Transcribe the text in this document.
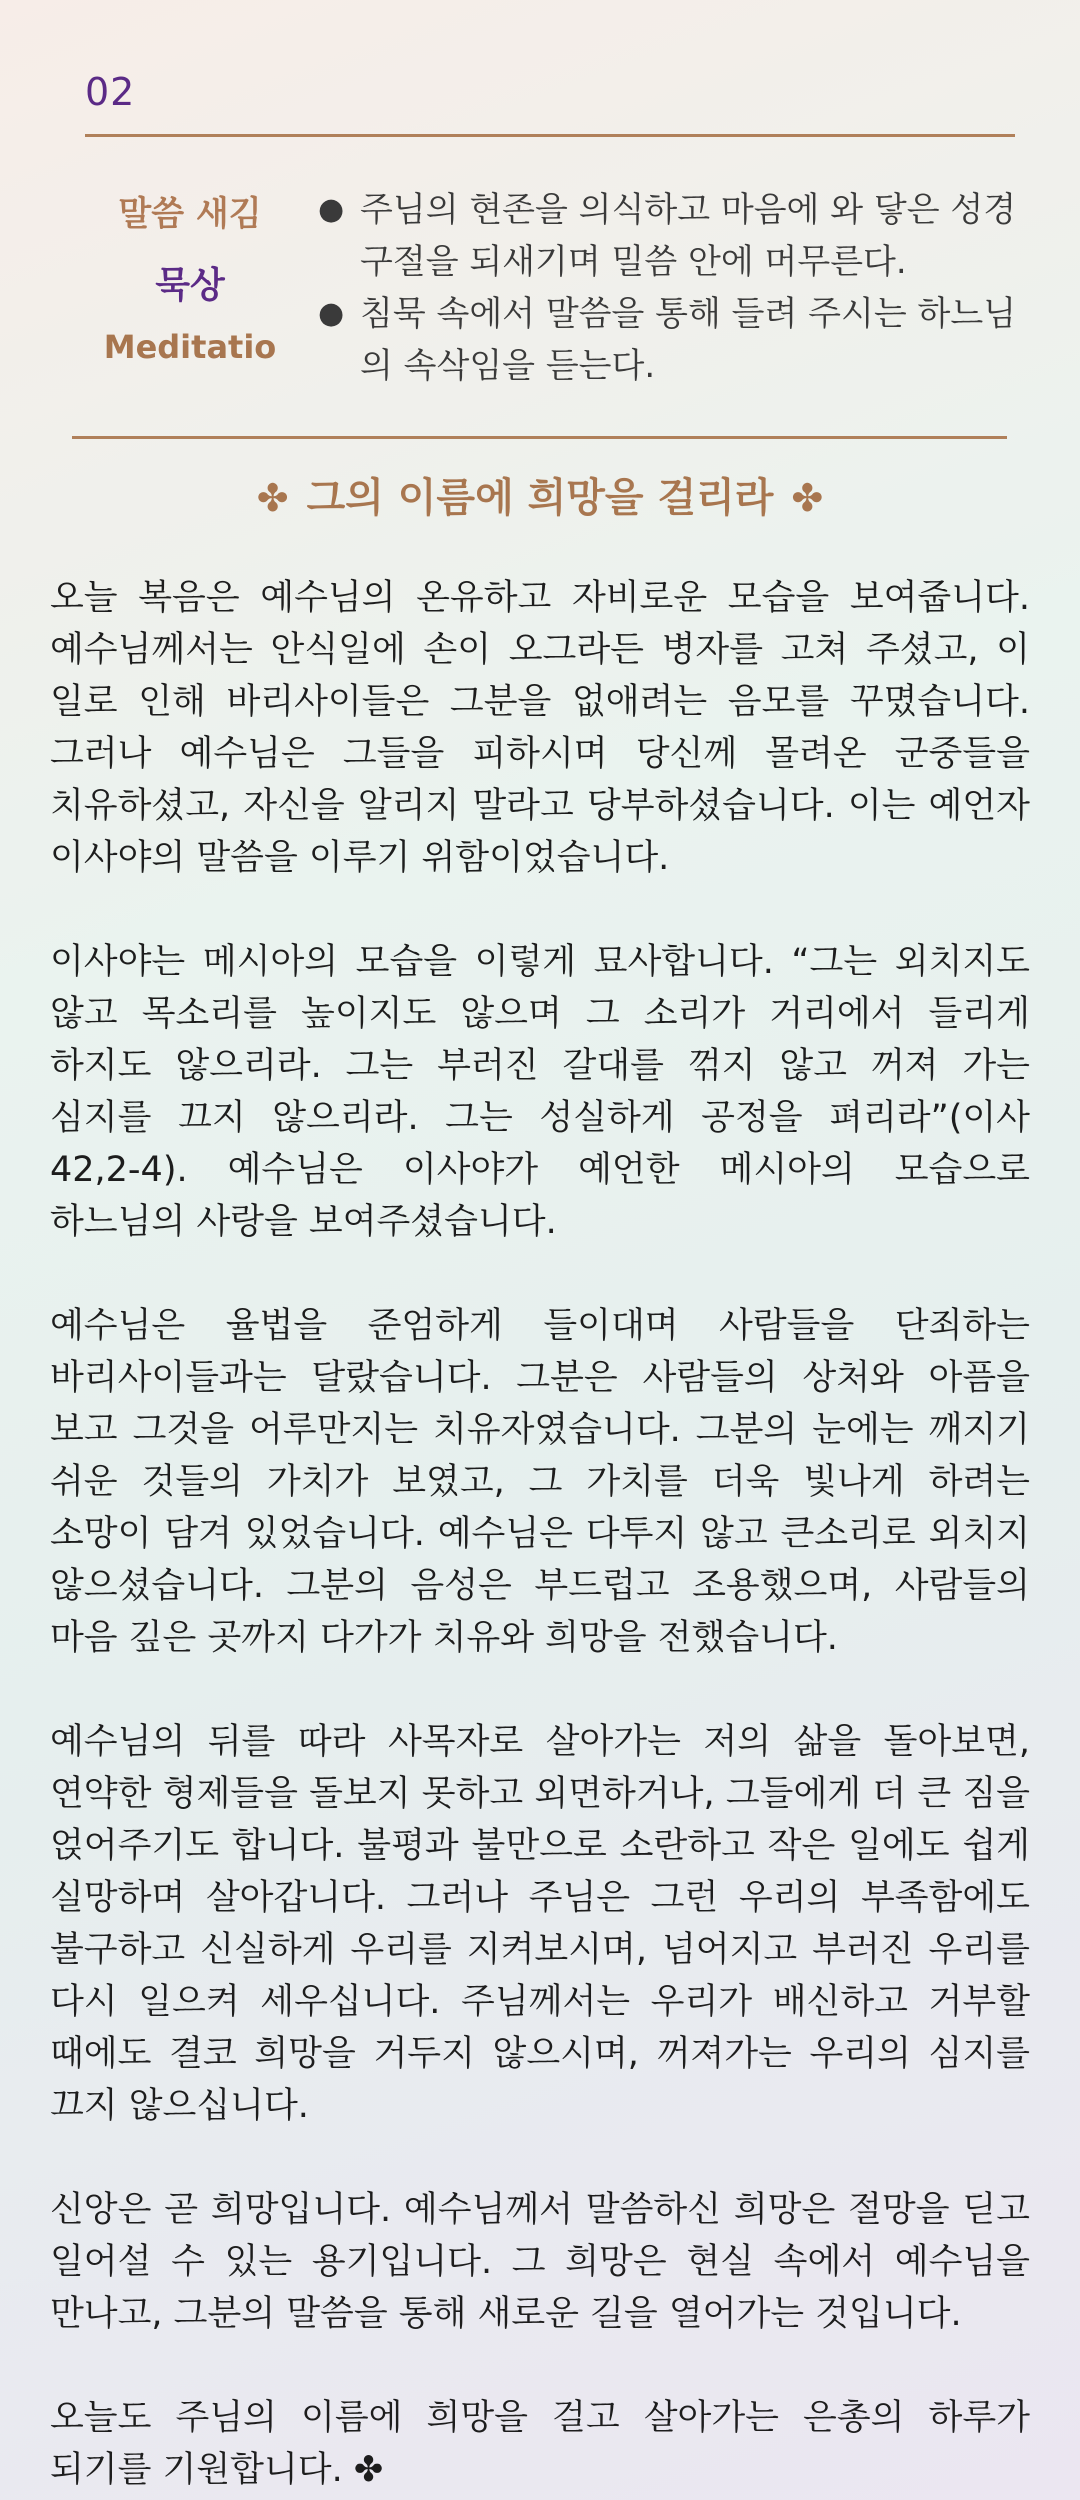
02
말씀 새김
묵상
Meditatio
● 주님의 현존을 의식하고 마음에 와 닿은 성경구절을 되새기며 밀씀 안에 머무른다.
● 침묵 속에서 말씀을 통해 들려 주시는 하느님의 속삭임을 듣는다.
✤ 그의 이름에 희망을 걸리라 ✤

오늘 복음은 예수님의 온유하고 자비로운 모습을 보여줍니다. 예수님께서는 안식일에 손이 오그라든 병자를 고쳐 주셨고, 이 일로 인해 바리사이들은 그분을 없애려는 음모를 꾸몄습니다. 그러나 예수님은 그들을 피하시며 당신께 몰려온 군중들을 치유하셨고, 자신을 알리지 말라고 당부하셨습니다. 이는 예언자 이사야의 말씀을 이루기 위함이었습니다.

이사야는 메시아의 모습을 이렇게 묘사합니다. “그는 외치지도 않고 목소리를 높이지도 않으며 그 소리가 거리에서 들리게 하지도 않으리라. 그는 부러진 갈대를 꺾지 않고 꺼져 가는 심지를 끄지 않으리라. 그는 성실하게 공정을 펴리라”(이사 42,2-4). 예수님은 이사야가 예언한 메시아의 모습으로 하느님의 사랑을 보여주셨습니다.

예수님은 율법을 준엄하게 들이대며 사람들을 단죄하는 바리사이들과는 달랐습니다. 그분은 사람들의 상처와 아픔을 보고 그것을 어루만지는 치유자였습니다. 그분의 눈에는 깨지기 쉬운 것들의 가치가 보였고, 그 가치를 더욱 빛나게 하려는 소망이 담겨 있었습니다. 예수님은 다투지 않고 큰소리로 외치지 않으셨습니다. 그분의 음성은 부드럽고 조용했으며, 사람들의 마음 깊은 곳까지 다가가 치유와 희망을 전했습니다.

예수님의 뒤를 따라 사목자로 살아가는 저의 삶을 돌아보면, 연약한 형제들을 돌보지 못하고 외면하거나, 그들에게 더 큰 짐을 얹어주기도 합니다. 불평과 불만으로 소란하고 작은 일에도 쉽게 실망하며 살아갑니다. 그러나 주님은 그런 우리의 부족함에도 불구하고 신실하게 우리를 지켜보시며, 넘어지고 부러진 우리를 다시 일으켜 세우십니다. 주님께서는 우리가 배신하고 거부할 때에도 결코 희망을 거두지 않으시며, 꺼져가는 우리의 심지를 끄지 않으십니다.

신앙은 곧 희망입니다. 예수님께서 말씀하신 희망은 절망을 딛고 일어설 수 있는 용기입니다. 그 희망은 현실 속에서 예수님을 만나고, 그분의 말씀을 통해 새로운 길을 열어가는 것입니다.

오늘도 주님의 이름에 희망을 걸고 살아가는 은총의 하루가 되기를 기원합니다. ✤
